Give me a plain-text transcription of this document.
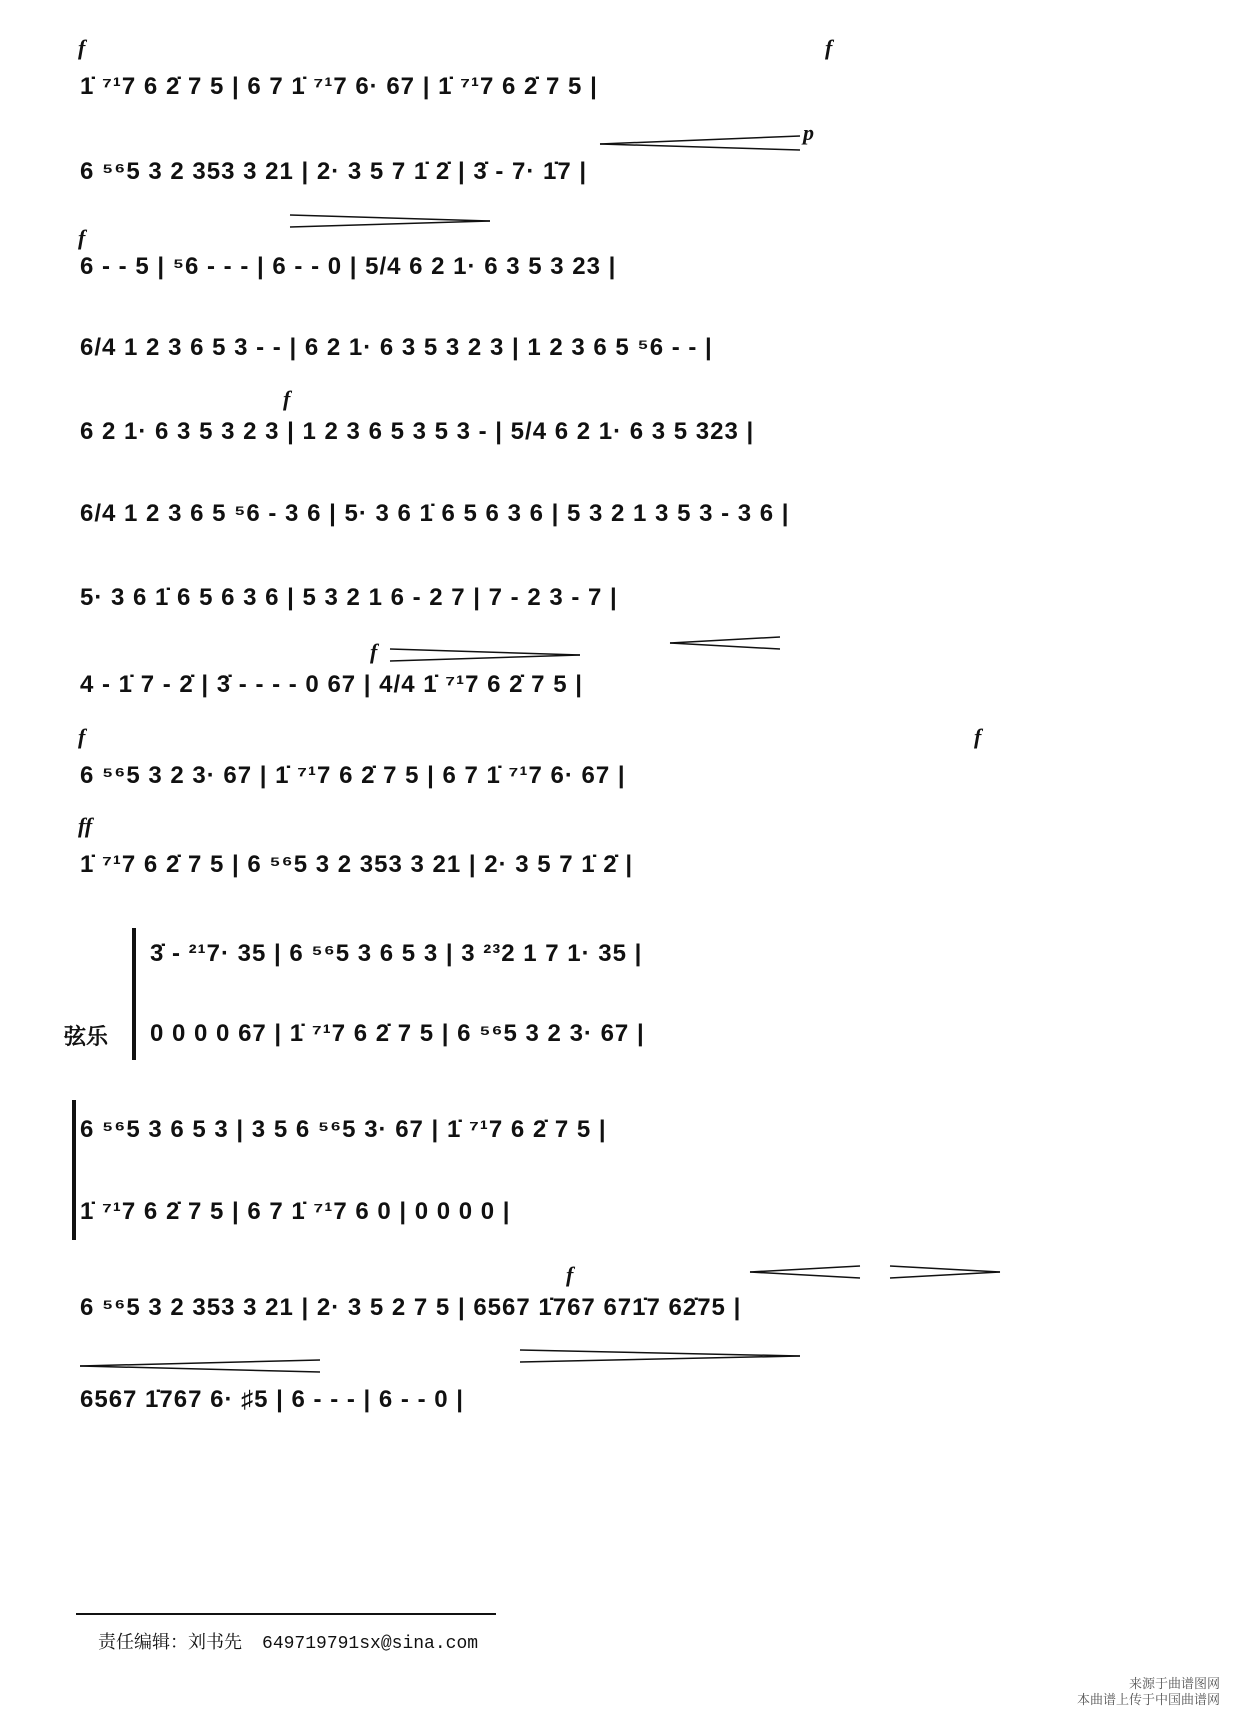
f	f
1̇ ⁷¹7 6 2̇ 7 5 | 6 7 1̇ ⁷¹7 6· 67 | 1̇ ⁷¹7 6 2̇ 7 5 |
p
6 ⁵⁶5 3 2 353 3 21 | 2· 3 5 7 1̇ 2̇ | 3̇ - 7· 1̇7 |
f
6 - - 5 | ⁵6 - - - | 6 - - 0 | 5/4 6 2 1· 6 3 5 3 23 |
6/4 1 2 3 6 5 3 - - | 6 2 1· 6 3 5 3 2 3 | 1 2 3 6 5 ⁵6 - - |
f
6 2 1· 6 3 5 3 2 3 | 1 2 3 6 5 3 5 3 - | 5/4 6 2 1· 6 3 5 323 |
6/4 1 2 3 6 5 ⁵6 - 3 6 | 5· 3 6 1̇ 6 5 6 3 6 | 5 3 2 1 3 5 3 - 3 6 |
5· 3 6 1̇ 6 5 6 3 6 | 5 3 2 1 6 - 2 7 | 7 - 2 3 - 7 |
f
4 - 1̇ 7 - 2̇ | 3̇ - - - - 0 67 | 4/4 1̇ ⁷¹7 6 2̇ 7 5 |
f	f
6 ⁵⁶5 3 2 3· 67 | 1̇ ⁷¹7 6 2̇ 7 5 | 6 7 1̇ ⁷¹7 6· 67 |
ff
1̇ ⁷¹7 6 2̇ 7 5 | 6 ⁵⁶5 3 2 353 3 21 | 2· 3 5 7 1̇ 2̇ |
弦乐
3̇ - ²¹7· 35 | 6 ⁵⁶5 3 6 5 3 | 3 ²³2 1 7 1· 35 |
0 0 0 0 67 | 1̇ ⁷¹7 6 2̇ 7 5 | 6 ⁵⁶5 3 2 3· 67 |
6 ⁵⁶5 3 6 5 3 | 3 5 6 ⁵⁶5 3· 67 | 1̇ ⁷¹7 6 2̇ 7 5 |
1̇ ⁷¹7 6 2̇ 7 5 | 6 7 1̇ ⁷¹7 6 0 | 0 0 0 0 |
f
6 ⁵⁶5 3 2 353 3 21 | 2· 3 5 2 7 5 | 6567 1̇767 671̇7 62̇75 |
6567 1̇767 6· ♯5 | 6 - - - | 6 - - 0 |
责任编辑：刘书先 649719791sx@sina.com
来源于曲谱图网
本曲谱上传于中国曲谱网
